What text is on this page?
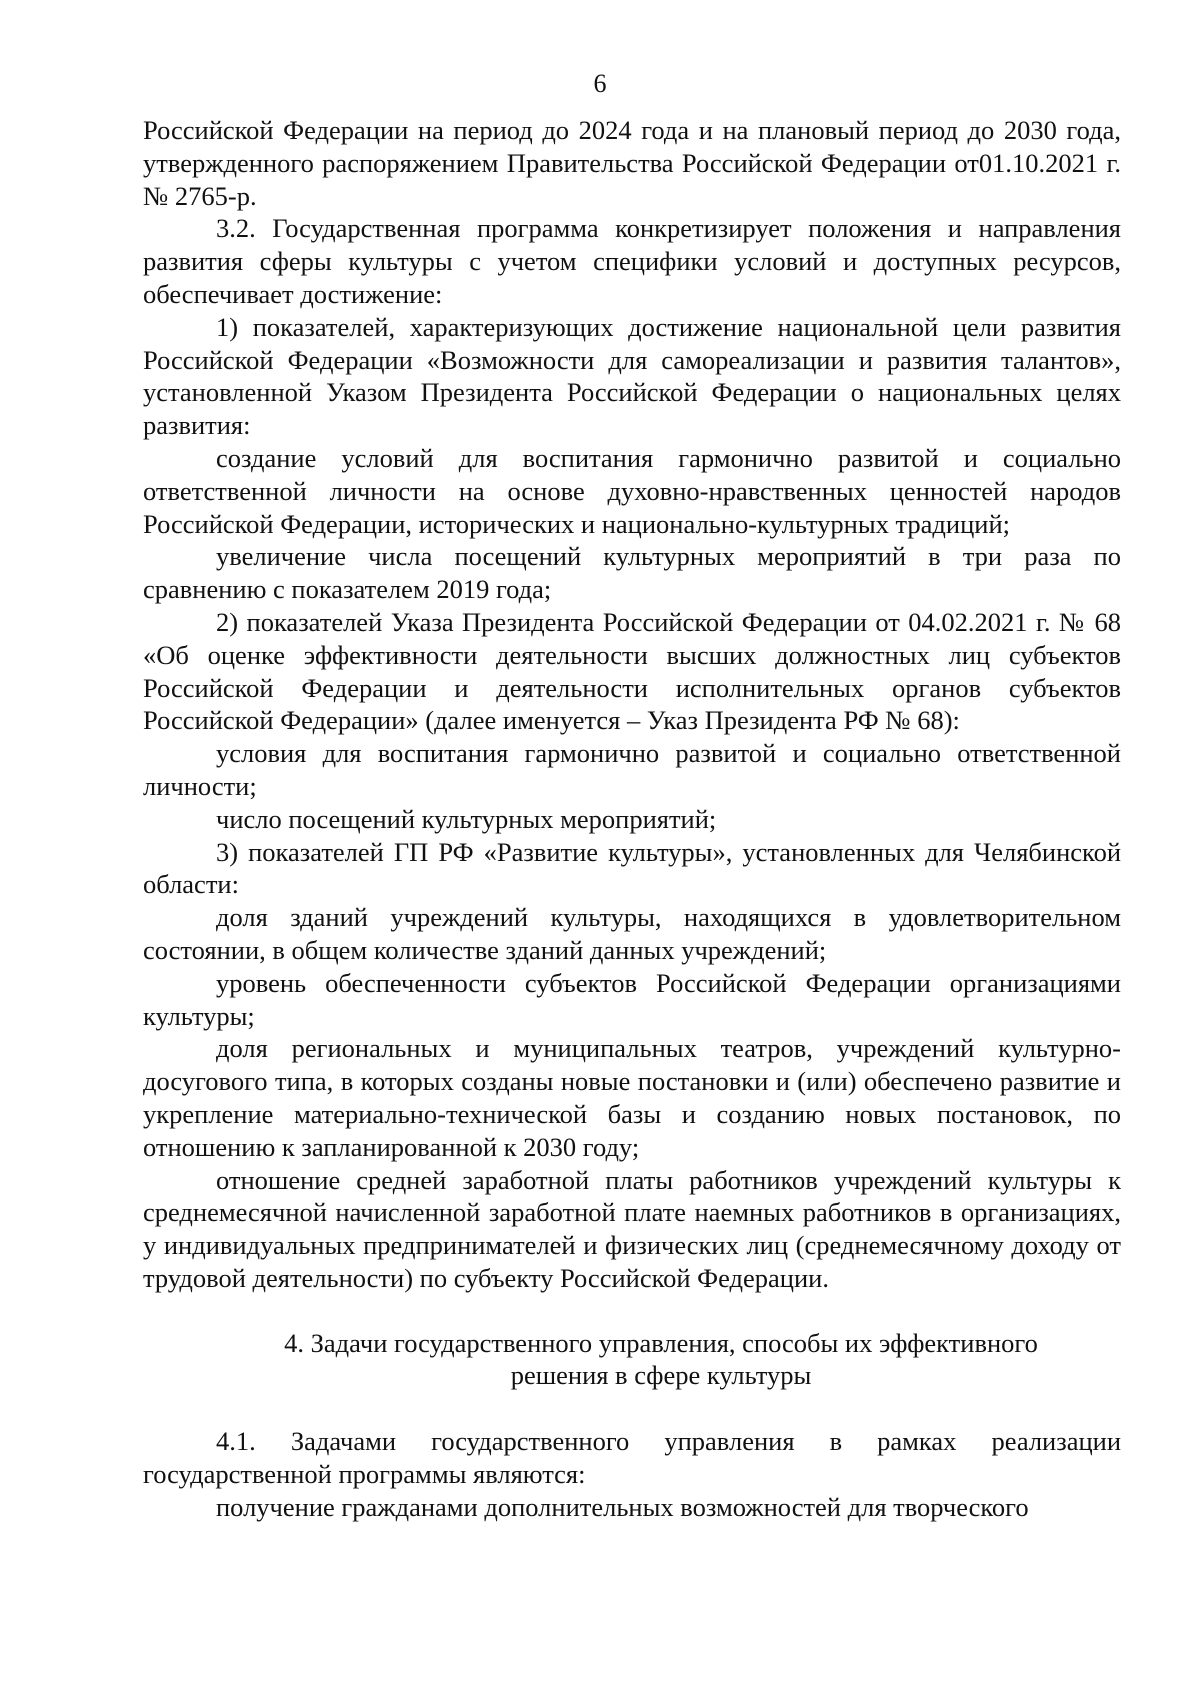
6

Российской Федерации на период до 2024 года и на плановый период до 2030 года, утвержденного распоряжением Правительства Российской Федерации от01.10.2021 г. № 2765-р.

3.2. Государственная программа конкретизирует положения и направления развития сферы культуры с учетом специфики условий и доступных ресурсов, обеспечивает достижение:

1) показателей, характеризующих достижение национальной цели развития Российской Федерации «Возможности для самореализации и развития талантов», установленной Указом Президента Российской Федерации о национальных целях развития:

создание условий для воспитания гармонично развитой и социально ответственной личности на основе духовно-нравственных ценностей народов Российской Федерации, исторических и национально-культурных традиций;

увеличение числа посещений культурных мероприятий в три раза по сравнению с показателем 2019 года;

2) показателей Указа Президента Российской Федерации от 04.02.2021 г. № 68 «Об оценке эффективности деятельности высших должностных лиц субъектов Российской Федерации и деятельности исполнительных органов субъектов Российской Федерации» (далее именуется – Указ Президента РФ № 68):

условия для воспитания гармонично развитой и социально ответственной личности;

число посещений культурных мероприятий;

3) показателей ГП РФ «Развитие культуры», установленных для Челябинской области:

доля зданий учреждений культуры, находящихся в удовлетворительном состоянии, в общем количестве зданий данных учреждений;

уровень обеспеченности субъектов Российской Федерации организациями культуры;

доля региональных и муниципальных театров, учреждений культурно-досугового типа, в которых созданы новые постановки и (или) обеспечено развитие и укрепление материально-технической базы и созданию новых постановок, по отношению к запланированной к 2030 году;

отношение средней заработной платы работников учреждений культуры к среднемесячной начисленной заработной плате наемных работников в организациях, у индивидуальных предпринимателей и физических лиц (среднемесячному доходу от трудовой деятельности) по субъекту Российской Федерации.

4. Задачи государственного управления, способы их эффективного
решения в сфере культуры

4.1. Задачами государственного управления в рамках реализации государственной программы являются:

получение гражданами дополнительных возможностей для творческого
